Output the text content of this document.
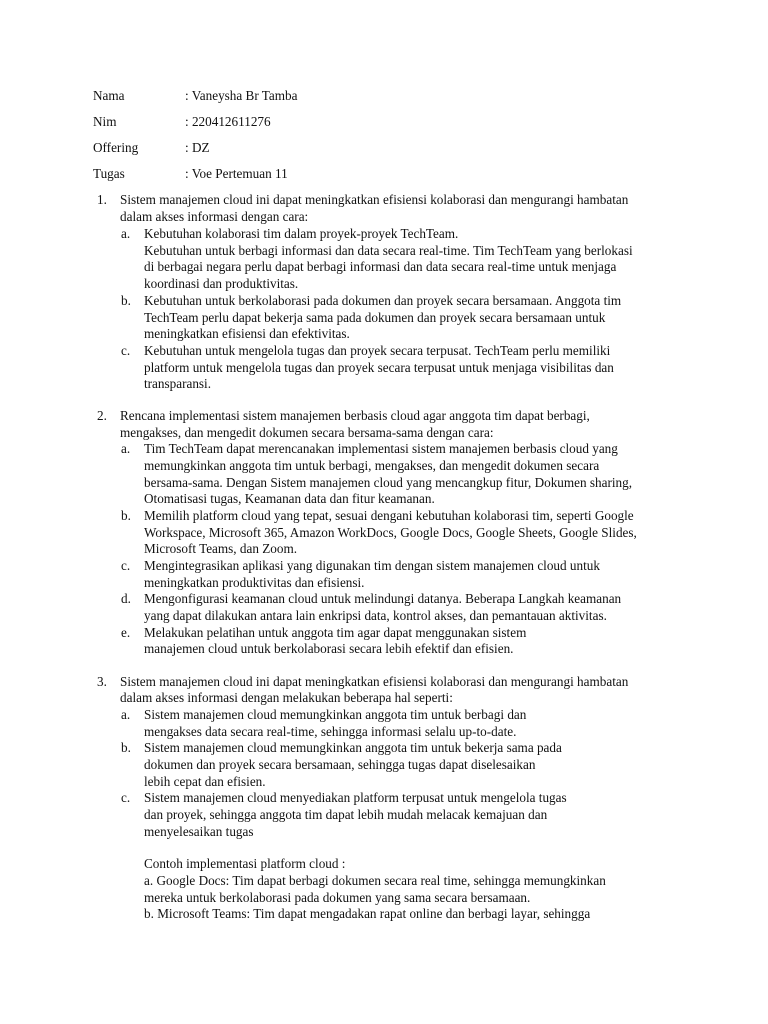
Nama	: Vaneysha Br Tamba
Nim	: 220412611276
Offering	: DZ
Tugas	: Voe Pertemuan 11
1. Sistem manajemen cloud ini dapat meningkatkan efisiensi kolaborasi dan mengurangi hambatan
dalam akses informasi dengan cara:
a. Kebutuhan kolaborasi tim dalam proyek-proyek TechTeam.
Kebutuhan untuk berbagi informasi dan data secara real-time. Tim TechTeam yang berlokasi
di berbagai negara perlu dapat berbagi informasi dan data secara real-time untuk menjaga
koordinasi dan produktivitas.
b. Kebutuhan untuk berkolaborasi pada dokumen dan proyek secara bersamaan. Anggota tim
TechTeam perlu dapat bekerja sama pada dokumen dan proyek secara bersamaan untuk
meningkatkan efisiensi dan efektivitas.
c. Kebutuhan untuk mengelola tugas dan proyek secara terpusat. TechTeam perlu memiliki
platform untuk mengelola tugas dan proyek secara terpusat untuk menjaga visibilitas dan
transparansi.
2. Rencana implementasi sistem manajemen berbasis cloud agar anggota tim dapat berbagi,
mengakses, dan mengedit dokumen secara bersama-sama dengan cara:
a. Tim TechTeam dapat merencanakan implementasi sistem manajemen berbasis cloud yang
memungkinkan anggota tim untuk berbagi, mengakses, dan mengedit dokumen secara
bersama-sama. Dengan Sistem manajemen cloud yang mencangkup fitur, Dokumen sharing,
Otomatisasi tugas, Keamanan data dan fitur keamanan.
b. Memilih platform cloud yang tepat, sesuai dengani kebutuhan kolaborasi tim, seperti Google
Workspace, Microsoft 365, Amazon WorkDocs, Google Docs, Google Sheets, Google Slides,
Microsoft Teams, dan Zoom.
c. Mengintegrasikan aplikasi yang digunakan tim dengan sistem manajemen cloud untuk
meningkatkan produktivitas dan efisiensi.
d. Mengonfigurasi keamanan cloud untuk melindungi datanya. Beberapa Langkah keamanan
yang dapat dilakukan antara lain enkripsi data, kontrol akses, dan pemantauan aktivitas.
e. Melakukan pelatihan untuk anggota tim agar dapat menggunakan sistem
manajemen cloud untuk berkolaborasi secara lebih efektif dan efisien.
3. Sistem manajemen cloud ini dapat meningkatkan efisiensi kolaborasi dan mengurangi hambatan
dalam akses informasi dengan melakukan beberapa hal seperti:
a. Sistem manajemen cloud memungkinkan anggota tim untuk berbagi dan
mengakses data secara real-time, sehingga informasi selalu up-to-date.
b. Sistem manajemen cloud memungkinkan anggota tim untuk bekerja sama pada
dokumen dan proyek secara bersamaan, sehingga tugas dapat diselesaikan
lebih cepat dan efisien.
c. Sistem manajemen cloud menyediakan platform terpusat untuk mengelola tugas
dan proyek, sehingga anggota tim dapat lebih mudah melacak kemajuan dan
menyelesaikan tugas
Contoh implementasi platform cloud :
a. Google Docs: Tim dapat berbagi dokumen secara real time, sehingga memungkinkan
mereka untuk berkolaborasi pada dokumen yang sama secara bersamaan.
b. Microsoft Teams: Tim dapat mengadakan rapat online dan berbagi layar, sehingga
